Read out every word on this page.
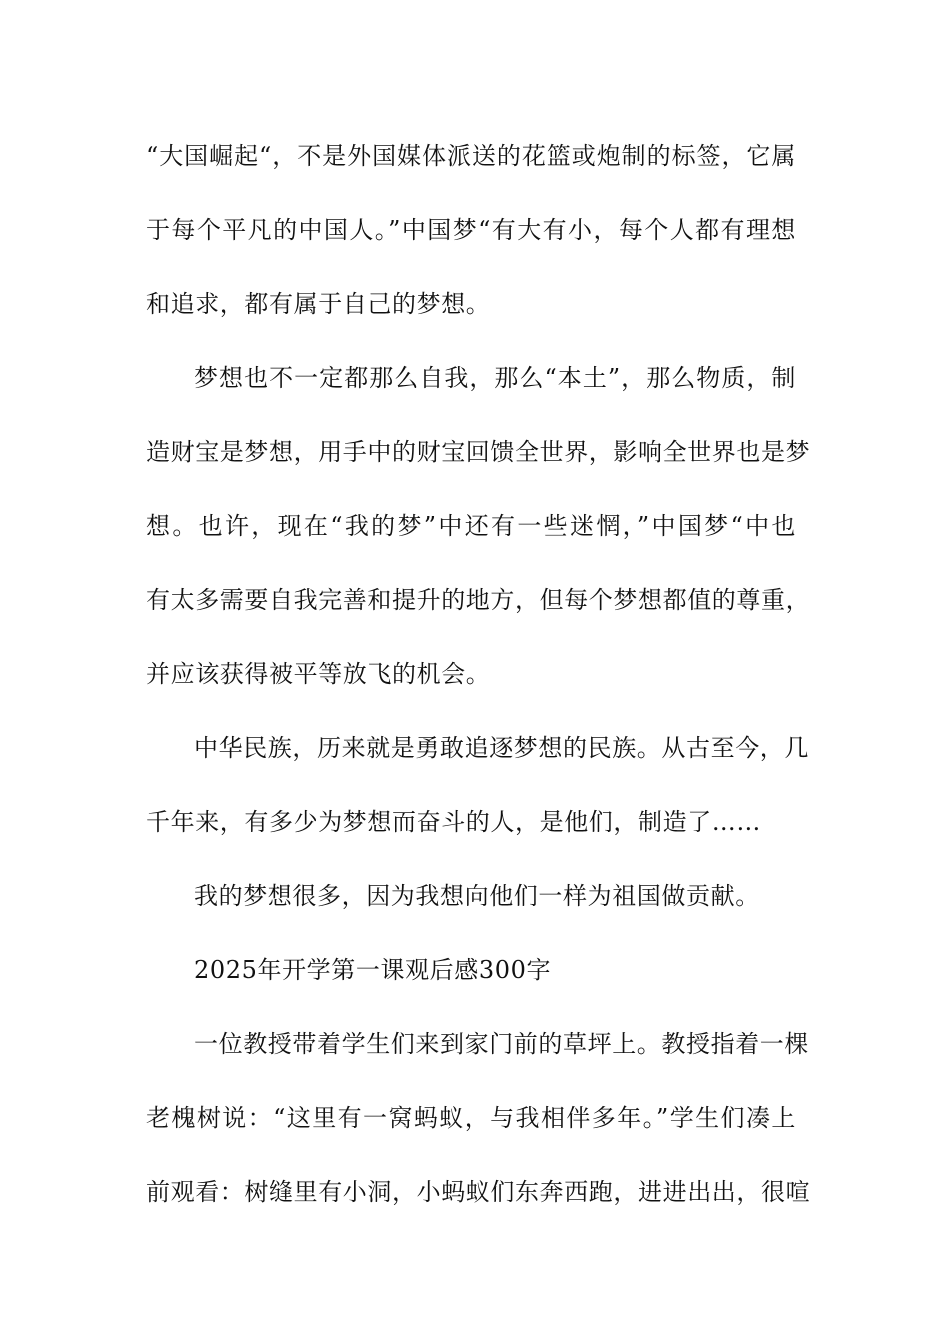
“大国崛起“，不是外国媒体派送的花篮或炮制的标签，它属
于每个平凡的中国人。”中国梦“有大有小，每个人都有理想
和追求，都有属于自己的梦想。
梦想也不一定都那么自我，那么“本土”，那么物质，制
造财宝是梦想，用手中的财宝回馈全世界，影响全世界也是梦
想。也许，现在“我的梦”中还有一些迷惘，”中国梦“中也
有太多需要自我完善和提升的地方，但每个梦想都值的尊重，
并应该获得被平等放飞的机会。
中华民族，历来就是勇敢追逐梦想的民族。从古至今，几
千年来，有多少为梦想而奋斗的人，是他们，制造了……
我的梦想很多，因为我想向他们一样为祖国做贡献。
2025年开学第一课观后感300字
一位教授带着学生们来到家门前的草坪上。教授指着一棵
老槐树说：“这里有一窝蚂蚁，与我相伴多年。”学生们凑上
前观看：树缝里有小洞，小蚂蚁们东奔西跑，进进出出，很喧
